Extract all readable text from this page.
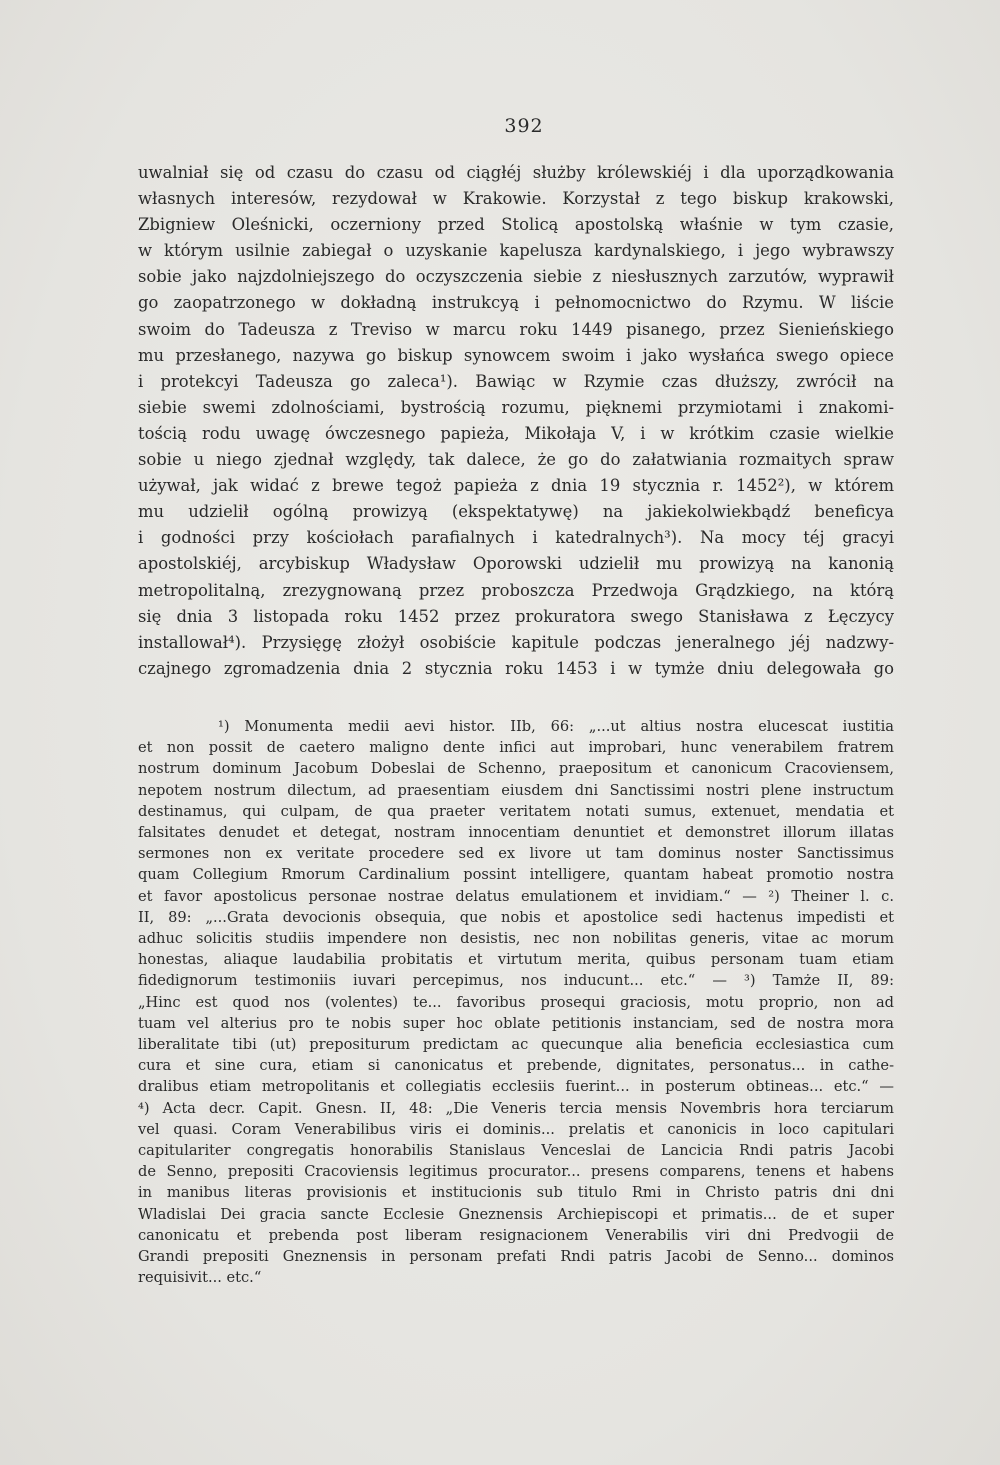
392
uwalniał się od czasu do czasu od ciągłéj służby królewskiéj i dla uporządkowania
własnych interesów, rezydował w Krakowie. Korzystał z tego biskup krakowski,
Zbigniew Oleśnicki, oczerniony przed Stolicą apostolską właśnie w tym czasie,
w którym usilnie zabiegał o uzyskanie kapelusza kardynalskiego, i jego wybrawszy
sobie jako najzdolniejszego do oczyszczenia siebie z niesłusznych zarzutów, wyprawił
go zaopatrzonego w dokładną instrukcyą i pełnomocnictwo do Rzymu. W liście
swoim do Tadeusza z Treviso w marcu roku 1449 pisanego, przez Sienieńskiego
mu przesłanego, nazywa go biskup synowcem swoim i jako wysłańca swego opiece
i protekcyi Tadeusza go zaleca¹). Bawiąc w Rzymie czas dłuższy, zwrócił na
siebie swemi zdolnościami, bystrością rozumu, pięknemi przymiotami i znakomi-
tością rodu uwagę ówczesnego papieża, Mikołaja V, i w krótkim czasie wielkie
sobie u niego zjednał względy, tak dalece, że go do załatwiania rozmaitych spraw
używał, jak widać z brewe tegoż papieża z dnia 19 stycznia r. 1452²), w którem
mu udzielił ogólną prowizyą (ekspektatywę) na jakiekolwiekbądź beneficya
i godności przy kościołach parafialnych i katedralnych³). Na mocy téj gracyi
apostolskiéj, arcybiskup Władysław Oporowski udzielił mu prowizyą na kanonią
metropolitalną, zrezygnowaną przez proboszcza Przedwoja Grądzkiego, na którą
się dnia 3 listopada roku 1452 przez prokuratora swego Stanisława z Łęczycy
installował⁴). Przysięgę złożył osobiście kapitule podczas jeneralnego jéj nadzwy-
czajnego zgromadzenia dnia 2 stycznia roku 1453 i w tymże dniu delegowała go
¹) Monumenta medii aevi histor. IIb, 66: „...ut altius nostra elucescat iustitia
et non possit de caetero maligno dente infici aut improbari, hunc venerabilem fratrem
nostrum dominum Jacobum Dobeslai de Schenno, praepositum et canonicum Cracoviensem,
nepotem nostrum dilectum, ad praesentiam eiusdem dni Sanctissimi nostri plene instructum
destinamus, qui culpam, de qua praeter veritatem notati sumus, extenuet, mendatia et
falsitates denudet et detegat, nostram innocentiam denuntiet et demonstret illorum illatas
sermones non ex veritate procedere sed ex livore ut tam dominus noster Sanctissimus
quam Collegium Rmorum Cardinalium possint intelligere, quantam habeat promotio nostra
et favor apostolicus personae nostrae delatus emulationem et invidiam.“ — ²) Theiner l. c.
II, 89: „...Grata devocionis obsequia, que nobis et apostolice sedi hactenus impedisti et
adhuc solicitis studiis impendere non desistis, nec non nobilitas generis, vitae ac morum
honestas, aliaque laudabilia probitatis et virtutum merita, quibus personam tuam etiam
fidedignorum testimoniis iuvari percepimus, nos inducunt... etc.“ — ³) Tamże II, 89:
„Hinc est quod nos (volentes) te... favoribus prosequi graciosis, motu proprio, non ad
tuam vel alterius pro te nobis super hoc oblate petitionis instanciam, sed de nostra mora
liberalitate tibi (ut) prepositurum predictam ac quecunque alia beneficia ecclesiastica cum
cura et sine cura, etiam si canonicatus et prebende, dignitates, personatus... in cathe-
dralibus etiam metropolitanis et collegiatis ecclesiis fuerint... in posterum obtineas... etc.“ —
⁴) Acta decr. Capit. Gnesn. II, 48: „Die Veneris tercia mensis Novembris hora terciarum
vel quasi. Coram Venerabilibus viris ei dominis... prelatis et canonicis in loco capitulari
capitulariter congregatis honorabilis Stanislaus Venceslai de Lancicia Rndi patris Jacobi
de Senno, prepositi Cracoviensis legitimus procurator... presens comparens, tenens et habens
in manibus literas provisionis et institucionis sub titulo Rmi in Christo patris dni dni
Wladislai Dei gracia sancte Ecclesie Gneznensis Archiepiscopi et primatis... de et super
canonicatu et prebenda post liberam resignacionem Venerabilis viri dni Predvogii de
Grandi prepositi Gneznensis in personam prefati Rndi patris Jacobi de Senno... dominos
requisivit... etc.“
